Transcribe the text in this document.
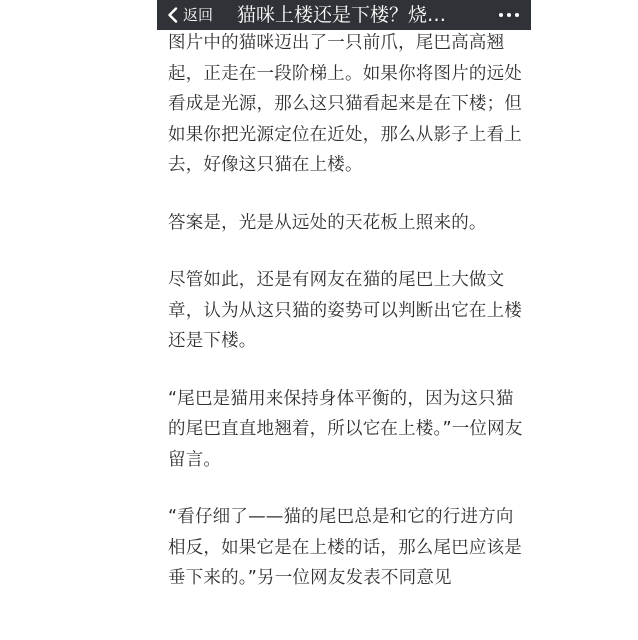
返回 猫咪上楼还是下楼？烧…

图片中的猫咪迈出了一只前爪，尾巴高高翘起，正走在一段阶梯上。如果你将图片的远处看成是光源，那么这只猫看起来是在下楼；但如果你把光源定位在近处，那么从影子上看上去，好像这只猫在上楼。

答案是，光是从远处的天花板上照来的。

尽管如此，还是有网友在猫的尾巴上大做文章，认为从这只猫的姿势可以判断出它在上楼还是下楼。

“尾巴是猫用来保持身体平衡的，因为这只猫的尾巴直直地翘着，所以它在上楼。”一位网友留言。

“看仔细了——猫的尾巴总是和它的行进方向相反，如果它是在上楼的话，那么尾巴应该是垂下来的。”另一位网友发表不同意见
